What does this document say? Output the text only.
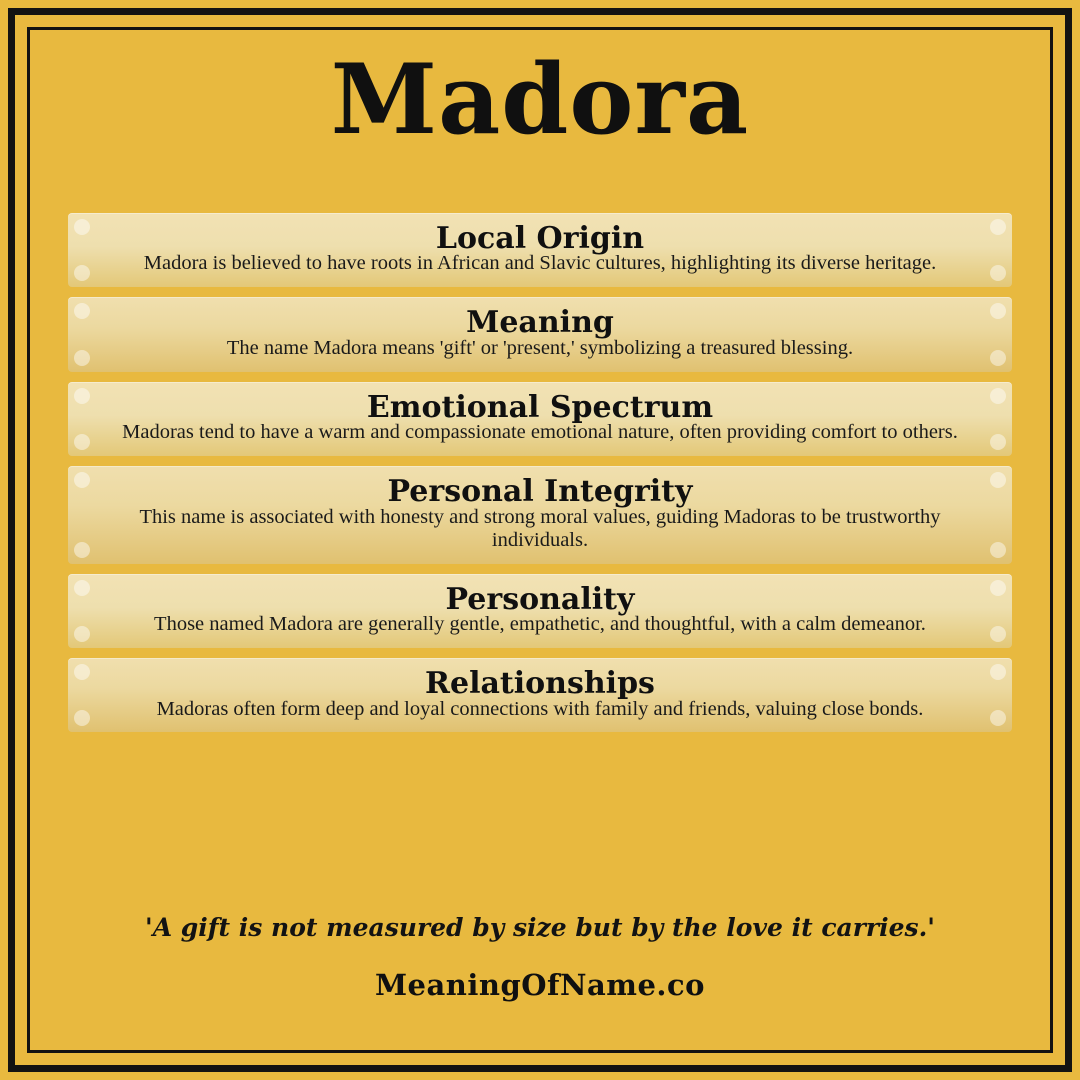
Madora
Local Origin
Madora is believed to have roots in African and Slavic cultures, highlighting its diverse heritage.
Meaning
The name Madora means 'gift' or 'present,' symbolizing a treasured blessing.
Emotional Spectrum
Madoras tend to have a warm and compassionate emotional nature, often providing comfort to others.
Personal Integrity
This name is associated with honesty and strong moral values, guiding Madoras to be trustworthy individuals.
Personality
Those named Madora are generally gentle, empathetic, and thoughtful, with a calm demeanor.
Relationships
Madoras often form deep and loyal connections with family and friends, valuing close bonds.
'A gift is not measured by size but by the love it carries.'
MeaningOfName.co
